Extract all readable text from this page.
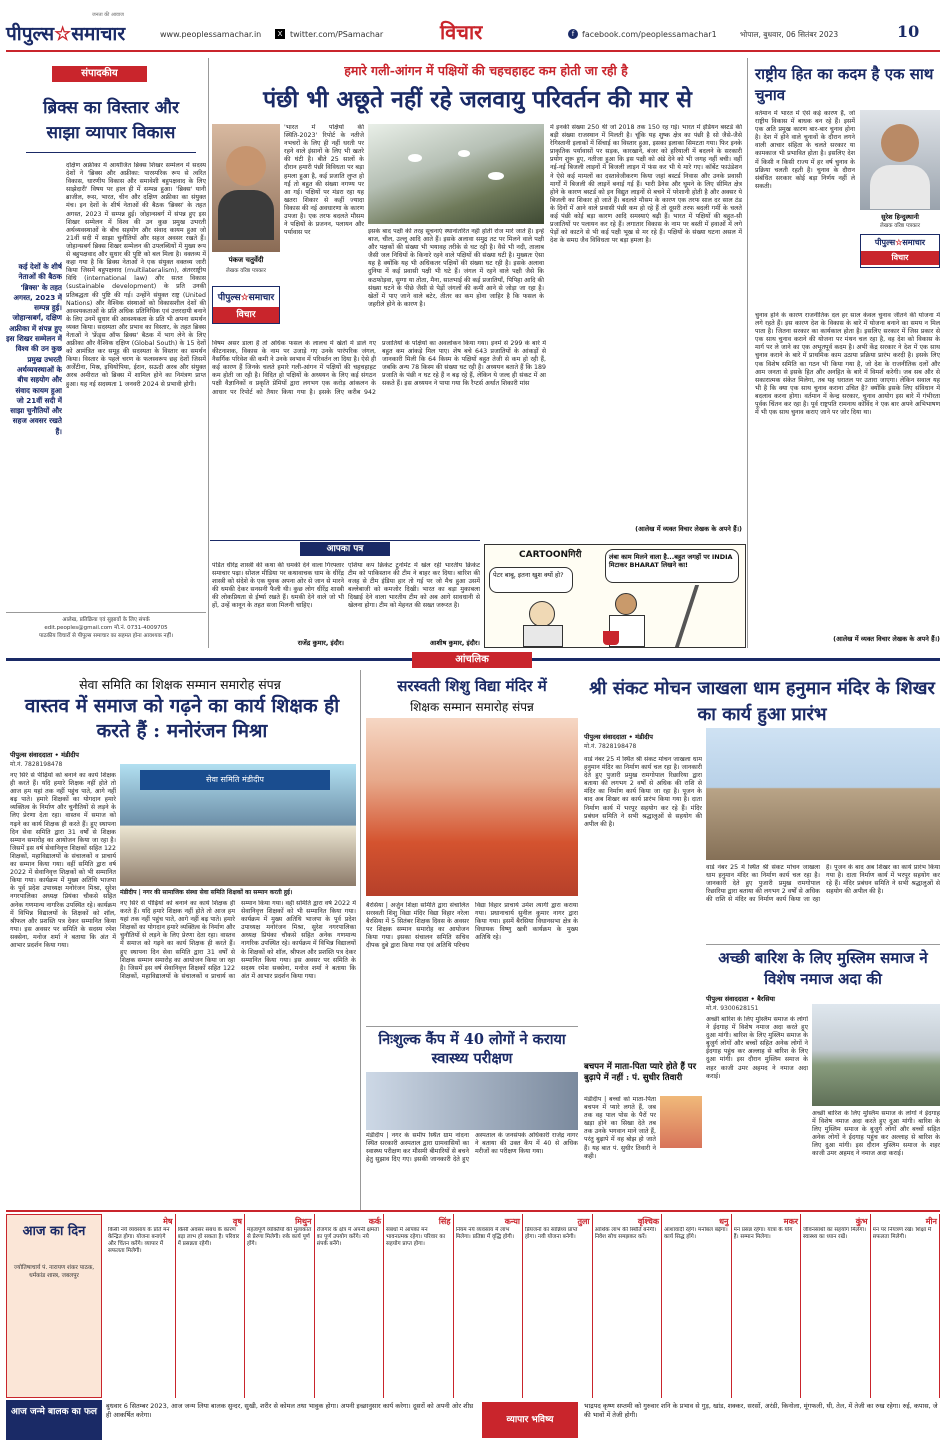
पीपुल्स☆समाचार
जनता की आवाज
www.peoplessamachar.in	X twitter.com/PSamachar	विचार	f facebook.com/peoplessamachar1	भोपाल, बुधवार, 06 सितंबर 2023	10
संपादकीय
ब्रिक्स का विस्तार और साझा व्यापार विकास
दक्षिण अफ्रीका में आयोजित ब्रिक्स शिखर सम्मेलन में सदस्य देशों ने 'ब्रिक्स और अफ्रीका: पारस्परिक रूप से त्वरित विकास, धारणीय विकास और समावेशी बहुपक्षवाद के लिए साझेदारी' विषय पर हाल ही में सम्पन्न हुआ। 'ब्रिक्स' यानी ब्राजील, रूस, भारत, चीन और दक्षिण अफ्रीका का संयुक्त मंच। इन देशों के शीर्ष नेताओं की बैठक 'ब्रिक्स' के तहत अगस्त, 2023 में सम्पन्न हुई। जोहान्सबर्ग में संपन्न हुए इस शिखर सम्मेलन में विश्व की उन कुछ प्रमुख उभरती अर्थव्यवस्थाओं के बीच सहयोग और संवाद कायम हुआ जो 21वीं सदी में साझा चुनौतियों और सहज अवसर रखते हैं। जोहान्सबर्ग ब्रिक्स शिखर सम्मेलन की उपलब्धियों में मुख्य रूप से बहुपक्षवाद और सुधार की पुष्टि को बल मिला है। वक्तव्य में कहा गया है कि ब्रिक्स नेताओं ने एक संयुक्त वक्तव्य जारी किया जिसमें बहुपक्षवाद (multilateralism), अंतरराष्ट्रीय विधि (international law) और सतत विकास (sustainable development) के प्रति उनकी प्रतिबद्धता की पुष्टि की गई। उन्होंने संयुक्त राष्ट्र (United Nations) और वैश्विक संस्थाओं को विकासशील देशों की आवश्यकताओं के प्रति अधिक प्रतिनिधिक एवं उत्तरदायी बनाने के लिए उनमें सुधार की आवश्यकता के प्रति भी अपना समर्थन व्यक्त किया। सदस्यता और प्रभाव का विस्तार, के तहत ब्रिक्स नेताओं ने 'फ्रेंड्स ऑफ ब्रिक्स' बैठक में भाग लेने के लिए अफ्रीका और वैश्विक दक्षिण (Global South) के 15 देशों को आमंत्रित कर समूह की सदस्यता के विस्तार का समर्थन किया। विस्तार के पहले चरण के फलस्वरूप छह देशों जिसमें अर्जेंटीना, मिस्र, इथियोपिया, ईरान, सऊदी अरब और संयुक्त अरब अमीरात को ब्रिक्स में शामिल होने का निमंत्रण प्राप्त हुआ। यह नई सदस्यता 1 जनवरी 2024 से प्रभावी होगी।
कई देशों के शीर्ष नेताओं की बैठक 'ब्रिक्स' के तहत अगस्त, 2023 में सम्पन्न हुई। जोहान्सबर्ग, दक्षिण अफ्रीका में संपन्न हुए इस शिखर सम्मेलन में विश्व की उन कुछ प्रमुख उभरती अर्थव्यवस्थाओं के बीच सहयोग और संवाद कायम हुआ जो 21वीं सदी में साझा चुनौतियों और सहज अवसर रखते हैं।
आलेख, प्रतिक्रिया एवं सुझावों के लिए संपर्क
edit.peoples@gmail.com मो.नं. 0731-4009705
पाठकीय विचारों से पीपुल्स समाचार का सहमत होना आवश्यक नहीं।
हमारे गली-आंगन में पक्षियों की चहचहाहट कम होती जा रही है
पंछी भी अछूते नहीं रहे जलवायु परिवर्तन की मार से
पंकज चतुर्वेदी
लेखक वरिष्ठ पत्रकार
पीपुल्स☆समाचार
विचार
'भारत में पक्षियों की स्थिति-2023' रिपोर्ट के नतीजे नभचरों के लिए ही नहीं धरती पर रहने वाले इंसानों के लिए भी खतरे की घंटी है। बीते 25 सालों के दौरान हमारी पंछी विविधता पर बड़ा हमला हुआ है, कई प्रजाति लुप्त हो गईं तो बहुत की संख्या नगण्य पर आ गई। पक्षियों पर मंडरा रहा यह खतरा शिकार से कहीं ज्यादा विकास की नई अवधारणा के कारण उपजा है। एक तरफ बदलते मौसम ने पक्षियों के प्रजनन, पलायन और पर्यावास पर
विषम असर डाला है तो अधिक फसल के लालच में खेतों में डाले गए कीटनाशक, विकास के नाम पर उजाड़े गए उनके पारंपरिक जंगल, नैसर्गिक परिवेश की कमी ने उनके स्वभाव में परिवर्तन ला दिया है। ऐसे ही कई कारण हैं जिनके चलते हमारे गली-आंगन में पक्षियों की चहचहाहट कम होती जा रही है। विदित हो पक्षियों के अध्ययन के लिए कई संगठन पक्षी वैज्ञानिकों व प्रकृति प्रेमियों द्वारा लगभग एक करोड़ आंकलन के आधार पर रिपोर्ट को तैयार किया गया है। इसके लिए करीब 942 प्रजातियों के पक्षियों का अवलोकन किया गया। इनमें से 299 के बारे में बहुत कम आंकड़े मिल पाए। शेष बचे 643 प्रजातियों के आंकड़ों से जानकारी मिली कि 64 किस्म के पक्षियों बहुत तेजी से कम हो रही हैं, जबकि अन्य 78 किस्म की संख्या घट रही है। अध्ययन बताते हैं कि 189 प्रजाति के पंछी न घट रहे हैं न बढ़ रहे हैं, लेकिन ये जल्द ही संकट में आ सकते हैं। इस अध्ययन ने पाया गया कि रैप्टर्स अर्थात शिकारी मांस
इसके बाद पक्षी की तरह सूचनाएं स्थानांतरित नहीं होती रोज मारे जाते हैं। इन्हें बाज, चील, उल्लू आदि आते हैं। इसके अलावा समुद्र तट पर मिलने वाले पक्षी और पक्षकों की संख्या भी भयावह तरीके से घट रही है। वैसे भी नदी, तालाब जैसी जल निधियों के किनारे रहने वाले पक्षियों की संख्या घटी है। मुख्यतः ऐसा यह है क्योंकि यह भी अधिकतर पक्षियों की संख्या घट रही है। इसके अलावा दुनिया में कई प्रवासी पक्षी भी घटे हैं। जंगल में रहने वाले पक्षी जैसे कि कठफोड़वा, सुग्गा या तोता, मैना, सातभाई की कई प्रजातियाँ, पिपिहा आदि की संख्या घटने के पीछे जैसी से पेड़ों जंगलों की कमी आने से जोड़ा जा रहा है। खेतों में पाए जाने वाले बटेर, तीतर का कम होना जाहिर है कि फसल के जहरीले होने के कारण है।
में इनकी संख्या 250 थी जो 2018 तक 150 रह गई। भारत में इंडियन बस्टर्ड की बड़ी संख्या राजस्थान में मिलती है। चूंकि यह शुष्क क्षेत्र का पंछी है सो जैसे-जैसे रेगिस्तानी इलाकों में सिंचाई का विस्तार हुआ, इसका इलाका सिमटता गया। फिर इनके प्राकृतिक पर्यावासों पर सड़क, कारखाने, बंजर को हरियाली में बदलने के सरकारी प्रयोग शुरू हुए, नतीजा हुआ कि इस पक्षी को अंडे देने को भी जगह नहीं बची। वहीं नई-नई बिजली लाइनों में बिजली लाइन में फंस कर भी ये मारे गए। कॉर्बेट फाउंडेशन ने ऐसे कई मामलों का दस्तावेजीकरण किया जहां बस्टर्ड निवास और उनके प्रवासी मार्गों में बिजली की लाइनें बनाई गई हैं। भारी डैनेस और घूमने के लिए सीमित क्षेत्र होने के कारण बस्टर्ड को इन विद्युत लाइनों से बचने में परेशानी होती है और अक्सर ये बिजली का शिकार हो जाते हैं। बदलते मौसम के कारण एक तरफ साल दर साल ठंड के दिनों में आने वाले प्रवासी पंछी कम हो रहे हैं तो दूसरी तरफ बदली गर्मी के चलते कई पंछी कोई बड़ा कारण आदि समस्याएं बढ़ी हैं। भारत में पक्षियों की बहुत-सी प्रजातियों पर पलायन कर रहे हैं। लगातार विकास के नाम पर बस्ती में हवाओं में लगे पेड़ों को काटने से भी कई पक्षी भूख से मर रहे हैं। पक्षियों के संख्या घटना असल में देश के समग्र जैव विविधता पर बड़ा हमला है।
(आलेख में व्यक्त विचार लेखक के अपने हैं।)
राष्ट्रीय हित का कदम है एक साथ चुनाव
वर्तमान में भारत में ऐसे कई कारण हैं, जो राष्ट्रीय विकास में बाधक बन रहे हैं। इसमें एक अति प्रमुख कारण बार-बार चुनाव होना है। देश में होने वाले चुनावों के दौरान लगने वाली आचार संहिता के चलते सरकार या कामकाज भी प्रभावित होता है। इसलिए देश में किसी न किसी राज्य में हर वर्ष चुनाव के प्रक्रिया चलती रहती है। चुनाव के दौरान संबंधित सरकार कोई बड़ा निर्णय नहीं ले सकती।
सुरेश हिन्दुस्थानी
लेखक वरिष्ठ पत्रकार
पीपुल्स☆समाचार
विचार
चुनाव होने के कारण राजनीतिक दल हर साल केवल चुनाव जीतने की योजना में लगे रहते हैं। इस कारण देश के विकास के बारे में योजना बनाने का समय न मिल पाता है। जितना सरकार का कार्यकाल होता है। इसलिए सरकार में जिस प्रकार से एक साथ चुनाव कराने की योजना पर मंथन चल रहा है, वह देश को विकास के मार्ग पर ले जाने का एक अभूतपूर्व कदम है। अभी केंद्र सरकार ने देश में एक साथ चुनाव कराने के बारे में प्राथमिक काम उठाया प्रक्रिया प्रारंभ करदी है। इसके लिए एक विशेष समिति का गठन भी किया गया है, जो देश के राजनीतिक दलों और आम जनता से इसके हित और अनहित के बारे में विमर्श करेगी। जब सब और से सकारात्मक संकेत मिलेगा, तब यह धरातल पर उतारा जाएगा। लेकिन सवाल यह भी है कि क्या एक साथ चुनाव कराना उचित है? क्योंकि इसके लिए संविधान में बदलाव करना होगा। वर्तमान में केन्द्र सरकार, चुनाव आयोग इस बारे में गंभीरता पूर्वक चिंतन कर रहा है। पूर्व राष्ट्रपति रामनाथ कोविंद ने एक बार अपने अभिभाषण में भी एक साथ चुनाव कराए जाने पर जोर दिया था।
(आलेख में व्यक्त विचार लेखक के अपने हैं।)
आपका पत्र
पंडित धीरेंद्र शास्त्री की कथा की धमकी देने वाला गिरफ्तार समाचार पढ़ा। सोशल मीडिया पर कथावाचक धाम के धीरेंद्र शास्त्री को संदेशे के एक युवक अपना ओर से जान से मारने की धमकी देकर सनसनी फैली थी। कुछ लोग धीरेंद्र शास्त्री की लोकप्रियता से ईर्ष्या रखते हैं। धमकी देने वाले जो भी हों, उन्हें कानून के तहत सजा मिलनी चाहिए।
राजेंद्र कुमार, इंदौर।
एशिया कप क्रिकेट टूर्नामेंट में खेल रही भारतीय क्रिकेट टीम को पाकिस्तान की टीम ने बाहर कर दिया। बारिश की वजह से टीम इंडिया हार तो गई पर जो मैच हुआ उसमें बल्लेबाजी को कमजोर दिखी। भारत का बड़ा मुकाबला दिखाई देने वाला भारतीय टीम को अब आगे सावधानी से खेलना होगा। टीम को मेहनत की सख्त जरूरत है।
आशीष कुमार, इंदौर।
CARTOONगिरी
पेटर बाबू, इतना खुश क्यों हो?
लंबा काम मिलने वाला है...बहुत जगहों पर INDIA मिटाकर BHARAT लिखने का!
आंचलिक
सेवा समिति का शिक्षक सम्मान समारोह संपन्न
वास्तव में समाज को गढ़ने का कार्य शिक्षक ही करते हैं : मनोरंजन मिश्रा
पीपुल्स संवाददाता • मंडीदीप
मो.नं. 7828198478
सेवा समिति मंडीदीप
मंडीदीप | नगर की सामाजिक संस्था सेवा समिति शिक्षकों का सम्मान करती हुई।
नए सिरे से पीढ़ियों को बनाने का कार्य शिक्षक ही करते हैं। यदि हमारे शिक्षक नहीं होते तो आज हम यहां तक नहीं पहुंच पाते, आगे नहीं बढ़ पाते। हमारे शिक्षकों का योगदान हमारे व्यक्तित्व के निर्माण और चुनौतियों से लड़ने के लिए प्रेरणा देता रहा। वास्तव में समाज को गढ़ने का कार्य शिक्षक ही करते हैं। हुए स्थापना दिन सेवा समिति द्वारा 31 वर्षों से शिक्षक सम्मान समारोह का आयोजन किया जा रहा है। जिसमें इस वर्ष सेवानिवृत्त शिक्षकों सहित 122 शिक्षकों, महाविद्यालयों के संचालकों व प्राचार्य का सम्मान किया गया। वहीं समिति द्वारा वर्ष 2022 में सेवानिवृत्त शिक्षकों को भी सम्मानित किया गया। कार्यक्रम में मुख्य अतिथि भाजपा के पूर्व प्रदेश उपाध्यक्ष मनोरंजन मिश्रा, सुरेश नगरपालिका अध्यक्ष प्रियंका चौकसे सहित अनेक गणमान्य नागरिक उपस्थित रहे। कार्यक्रम में विभिन्न विद्यालयों के शिक्षकों को शॉल, श्रीफल और प्रशस्ति पत्र देकर सम्मानित किया गया। इस अवसर पर समिति के सदस्य रमेश सक्सेना, मनोज शर्मा ने बताया कि अंत में आभार प्रदर्शन किया गया।
नए सिरे से पीढ़ियों को बनाने का कार्य शिक्षक ही करते हैं। यदि हमारे शिक्षक नहीं होते तो आज हम यहां तक नहीं पहुंच पाते, आगे नहीं बढ़ पाते। हमारे शिक्षकों का योगदान हमारे व्यक्तित्व के निर्माण और चुनौतियों से लड़ने के लिए प्रेरणा देता रहा। वास्तव में समाज को गढ़ने का कार्य शिक्षक ही करते हैं। हुए स्थापना दिन सेवा समिति द्वारा 31 वर्षों से शिक्षक सम्मान समारोह का आयोजन किया जा रहा है। जिसमें इस वर्ष सेवानिवृत्त शिक्षकों सहित 122 शिक्षकों, महाविद्यालयों के संचालकों व प्राचार्य का सम्मान किया गया। वहीं समिति द्वारा वर्ष 2022 में सेवानिवृत्त शिक्षकों को भी सम्मानित किया गया। कार्यक्रम में मुख्य अतिथि भाजपा के पूर्व प्रदेश उपाध्यक्ष मनोरंजन मिश्रा, सुरेश नगरपालिका अध्यक्ष प्रियंका चौकसे सहित अनेक गणमान्य नागरिक उपस्थित रहे। कार्यक्रम में विभिन्न विद्यालयों के शिक्षकों को शॉल, श्रीफल और प्रशस्ति पत्र देकर सम्मानित किया गया। इस अवसर पर समिति के सदस्य रमेश सक्सेना, मनोज शर्मा ने बताया कि अंत में आभार प्रदर्शन किया गया।
सरस्वती शिशु विद्या मंदिर में
शिक्षक सम्मान समारोह संपन्न
बैरसिया | अर्जुन शिक्षा समिति द्वारा संचालित सरस्वती शिशु विद्या मंदिर विद्या विहार नरेला बैरसिया में 5 सितंबर शिक्षक दिवस के अवसर पर शिक्षक सम्मान समारोह का आयोजन किया गया। इसका संचालन समिति सचिव दीपक दुबे द्वारा किया गया एवं अतिथि परिचय विद्या विहार प्राचार्य उमेश त्यागी द्वारा कराया गया। प्रधानाचार्य सुनील कुमार नागर द्वारा किया गया। इसमें बैरसिया विधानसभा क्षेत्र के विधायक विष्णु खत्री कार्यक्रम के मुख्य अतिथि रहे।
निःशुल्क कैंप में 40 लोगों ने कराया स्वास्थ्य परीक्षण
मंडीदीप | नगर के समीप स्थित ग्राम नांदना स्थित सरकारी अस्पताल द्वारा ग्रामवासियों का स्वास्थ्य परीक्षण कर मौसमी बीमारियों से बचने हेतु सुझाव दिए गए। इसकी जानकारी देते हुए अस्पताल के जनसंपर्क अधिकारी राजेंद्र नागर ने बताया की उक्त कैंप में 40 से अधिक मरीजों का परीक्षण किया गया।
बचपन में माता-पिता प्यारे होते हैं पर बुढ़ापे में नहीं : पं. सुधीर तिवारी
मंडीदीप | बच्चों को माता-पिता बचपन में प्यारे लगते हैं, जब तक वह पाल पोस के पैरों पर खड़ा होने का सिखा देते तब तक उनके भगवान माने जाते हैं, परंतु बुढ़ापे में वह बोझ हो जाते हैं। यह बात पं. सुधीर तिवारी ने कही।
श्री संकट मोचन जाखला धाम हनुमान मंदिर के शिखर का कार्य हुआ प्रारंभ
पीपुल्स संवाददाता • मंडीदीप
मो.नं. 7828198478
वार्ड नंबर 25 में स्थित श्री संकट मोचन जाखला धाम हनुमान मंदिर का निर्माण कार्य चल रहा है। जानकारी देते हुए पुजारी प्रमुख रामगोपाल रिछारिया द्वारा बताया की लगभग 2 वर्षों से अधिक की राशि से मंदिर का निर्माण कार्य किया जा रहा है। पूजन के बाद अब शिखर का कार्य प्रारंभ किया गया है। दाता निर्माण कार्य में भरपूर सहयोग कर रहे हैं। मंदिर प्रबंधन समिति ने सभी श्रद्धालुओं से सहयोग की अपील की है।
वार्ड नंबर 25 में स्थित श्री संकट मोचन जाखला धाम हनुमान मंदिर का निर्माण कार्य चल रहा है। जानकारी देते हुए पुजारी प्रमुख रामगोपाल रिछारिया द्वारा बताया की लगभग 2 वर्षों से अधिक की राशि से मंदिर का निर्माण कार्य किया जा रहा है। पूजन के बाद अब शिखर का कार्य प्रारंभ किया गया है। दाता निर्माण कार्य में भरपूर सहयोग कर रहे हैं। मंदिर प्रबंधन समिति ने सभी श्रद्धालुओं से सहयोग की अपील की है।
अच्छी बारिश के लिए मुस्लिम समाज ने विशेष नमाज अदा की
पीपुल्स संवाददाता • बैरसिया
मो.नं. 9300628151
अच्छी बारिश के लिए मुस्लिम समाज के लोगों ने ईदगाह में विशेष नमाज अदा करते हुए दुआ मांगी। बारिश के लिए मुस्लिम समाज के बुजुर्ग लोगों और बच्चों सहित अनेक लोगों ने ईदगाह पहुंच कर अल्लाह से बारिश के लिए दुआ मांगी। इस दौरान मुस्लिम समाज के शहर काजी उमर अहमद ने नमाज अदा कराई।
अच्छी बारिश के लिए मुस्लिम समाज के लोगों ने ईदगाह में विशेष नमाज अदा करते हुए दुआ मांगी। बारिश के लिए मुस्लिम समाज के बुजुर्ग लोगों और बच्चों सहित अनेक लोगों ने ईदगाह पहुंच कर अल्लाह से बारिश के लिए दुआ मांगी। इस दौरान मुस्लिम समाज के शहर काजी उमर अहमद ने नमाज अदा कराई।
आज का दिन
ज्योतिषाचार्य पं. नारायण शंकर पाठक, धर्मकांड शास्त्र, जबलपुर
मेष
किसी नये व्यवसाय के प्रति मन केन्द्रित होगा। योजना बनाएंगे और चिंतन करेंगे। व्यापार में सफलता मिलेगी।
वृष
किसी अवसर संबंध के कारण बड़ा लाभ हो सकता है। परिवार में प्रसन्नता रहेगी।
मिथुन
महत्वपूर्ण व्यक्तियों की मुलाकात से प्रेरणा मिलेगी। रुके कार्य पूर्ण होंगे।
कर्क
रोजगार के क्षेत्र में अपनी क्षमता का पूर्ण उपयोग करेंगे। नये संपर्क बनेंगे।
सिंह
संबंधों में आपका मन भावनात्मक रहेगा। परिवार का सहयोग प्राप्त होगा।
कन्या
नियम नये व्यवसाय में लाभ मिलेगा। प्रतिष्ठा में वृद्धि होगी।
तुला
प्रियजनों का सान्निध्य प्राप्त होगा। नयी योजना बनेगी।
वृश्चिक
आर्थिक लाभ की स्थिति बनेगी। निवेश सोच समझकर करें।
धनु
आशावादी रहेंगे। मनोबल बढ़ेगा। कार्य सिद्ध होंगे।
मकर
मन प्रसन्न रहेगा। यात्रा के योग हैं। सम्मान मिलेगा।
कुंभ
जीवनसाथी का सहयोग मिलेगा। स्वास्थ्य का ध्यान रखें।
मीन
मन पर नियंत्रण रखें। शिक्षा में सफलता मिलेगी।
आज जन्मे बालक का फल
बुधवार 6 सितम्बर 2023, आज जन्म लिया बालक सुन्दर, सुखी, शरीर से कोमल तथा भावुक होगा। अपनी इच्छानुसार कार्य करेगा। दूसरों को अपनी ओर शीघ्र ही आकर्षित करेगा।	व्यापार भविष्य
भाद्रपद कृष्ण सप्तमी को गुरुवार शनि के प्रभाव से गुड़, खांड, शक्कर, सरसों, अरंडी, किनोला, मूंगफली, घी, तेल, में तेजी का रुख रहेगा। रुई, कपास, जे की भावों में तेजी होगी।
